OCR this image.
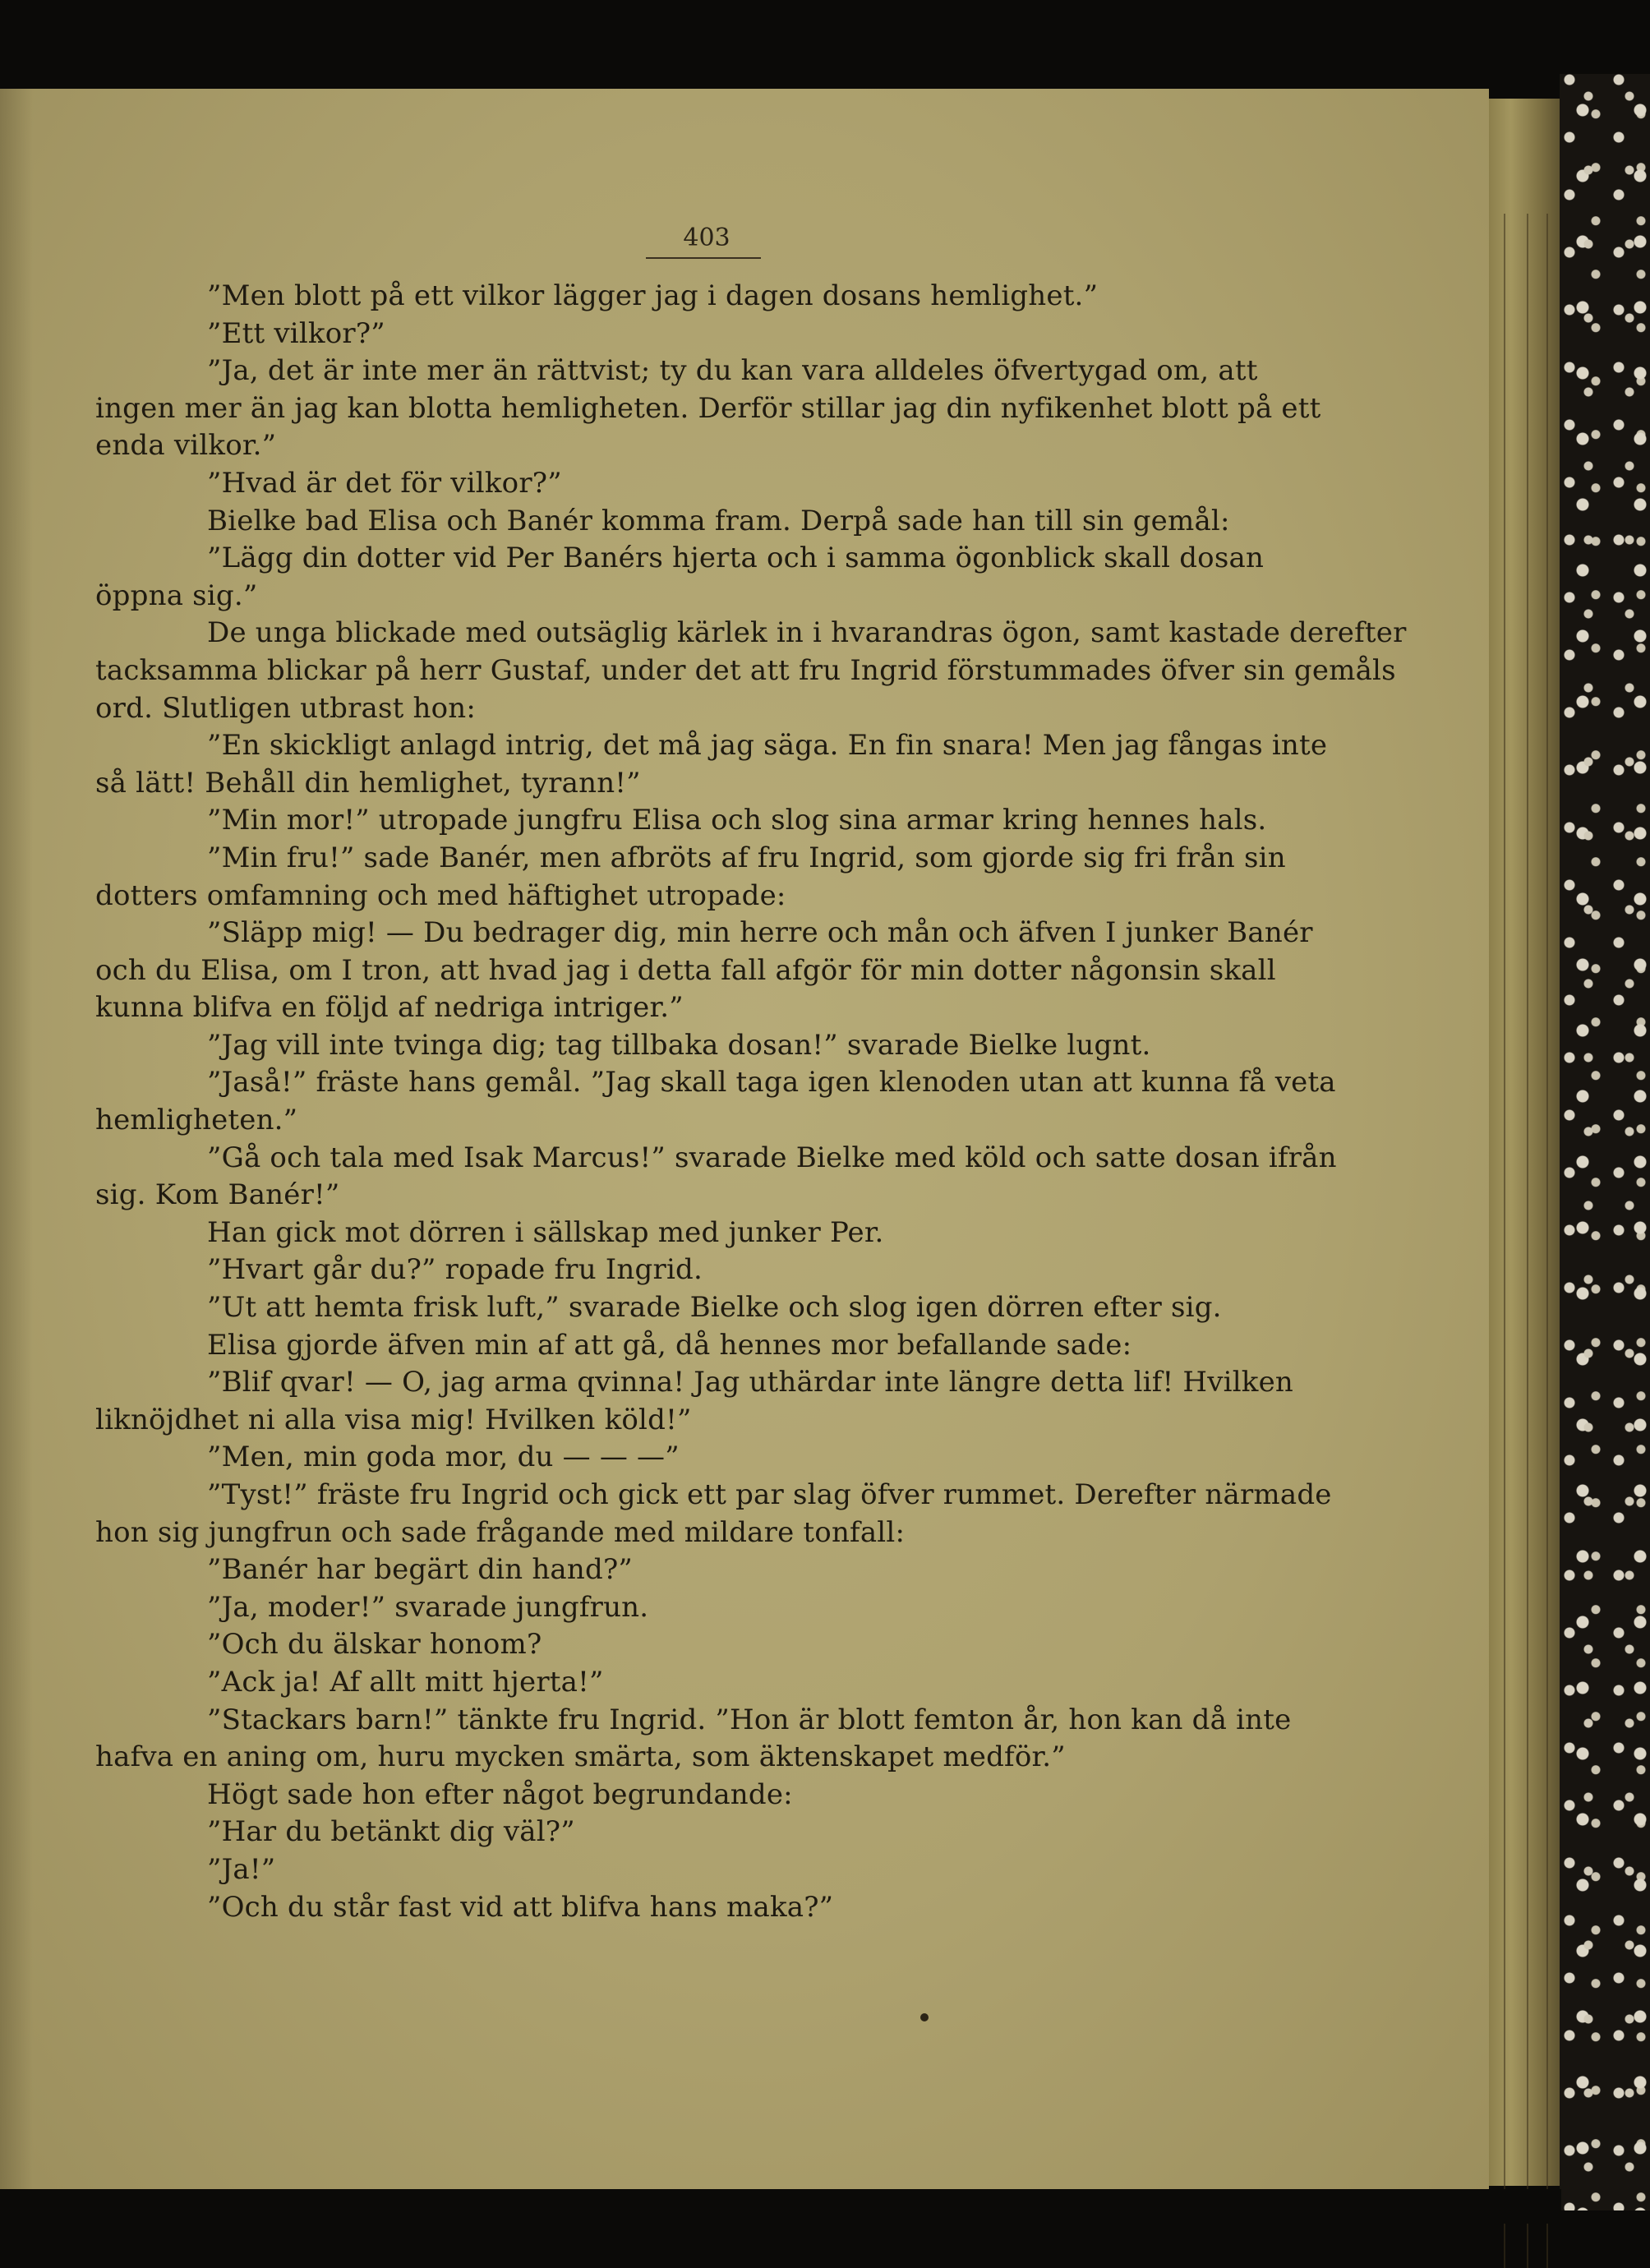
403
”Men blott på ett vilkor lägger jag i dagen dosans hemlighet.”
”Ett vilkor?”
”Ja, det är inte mer än rättvist; ty du kan vara alldeles öfvertygad om, att
ingen mer än jag kan blotta hemligheten. Derför stillar jag din nyfikenhet blott på ett
enda vilkor.”
”Hvad är det för vilkor?”
Bielke bad Elisa och Banér komma fram. Derpå sade han till sin gemål:
”Lägg din dotter vid Per Banérs hjerta och i samma ögonblick skall dosan
öppna sig.”
De unga blickade med outsäglig kärlek in i hvarandras ögon, samt kastade derefter
tacksamma blickar på herr Gustaf, under det att fru Ingrid förstummades öfver sin gemåls
ord. Slutligen utbrast hon:
”En skickligt anlagd intrig, det må jag säga. En fin snara! Men jag fångas inte
så lätt! Behåll din hemlighet, tyrann!”
”Min mor!” utropade jungfru Elisa och slog sina armar kring hennes hals.
”Min fru!” sade Banér, men afbröts af fru Ingrid, som gjorde sig fri från sin
dotters omfamning och med häftighet utropade:
”Släpp mig! — Du bedrager dig, min herre och mån och äfven I junker Banér
och du Elisa, om I tron, att hvad jag i detta fall afgör för min dotter någonsin skall
kunna blifva en följd af nedriga intriger.”
”Jag vill inte tvinga dig; tag tillbaka dosan!” svarade Bielke lugnt.
”Jaså!” fräste hans gemål. ”Jag skall taga igen klenoden utan att kunna få veta
hemligheten.”
”Gå och tala med Isak Marcus!” svarade Bielke med köld och satte dosan ifrån
sig. Kom Banér!”
Han gick mot dörren i sällskap med junker Per.
”Hvart går du?” ropade fru Ingrid.
”Ut att hemta frisk luft,” svarade Bielke och slog igen dörren efter sig.
Elisa gjorde äfven min af att gå, då hennes mor befallande sade:
”Blif qvar! — O, jag arma qvinna! Jag uthärdar inte längre detta lif! Hvilken
liknöjdhet ni alla visa mig! Hvilken köld!”
”Men, min goda mor, du — — —”
”Tyst!” fräste fru Ingrid och gick ett par slag öfver rummet. Derefter närmade
hon sig jungfrun och sade frågande med mildare tonfall:
”Banér har begärt din hand?”
”Ja, moder!” svarade jungfrun.
”Och du älskar honom?
”Ack ja! Af allt mitt hjerta!”
”Stackars barn!” tänkte fru Ingrid. ”Hon är blott femton år, hon kan då inte
hafva en aning om, huru mycken smärta, som äktenskapet medför.”
Högt sade hon efter något begrundande:
”Har du betänkt dig väl?”
”Ja!”
”Och du står fast vid att blifva hans maka?”
